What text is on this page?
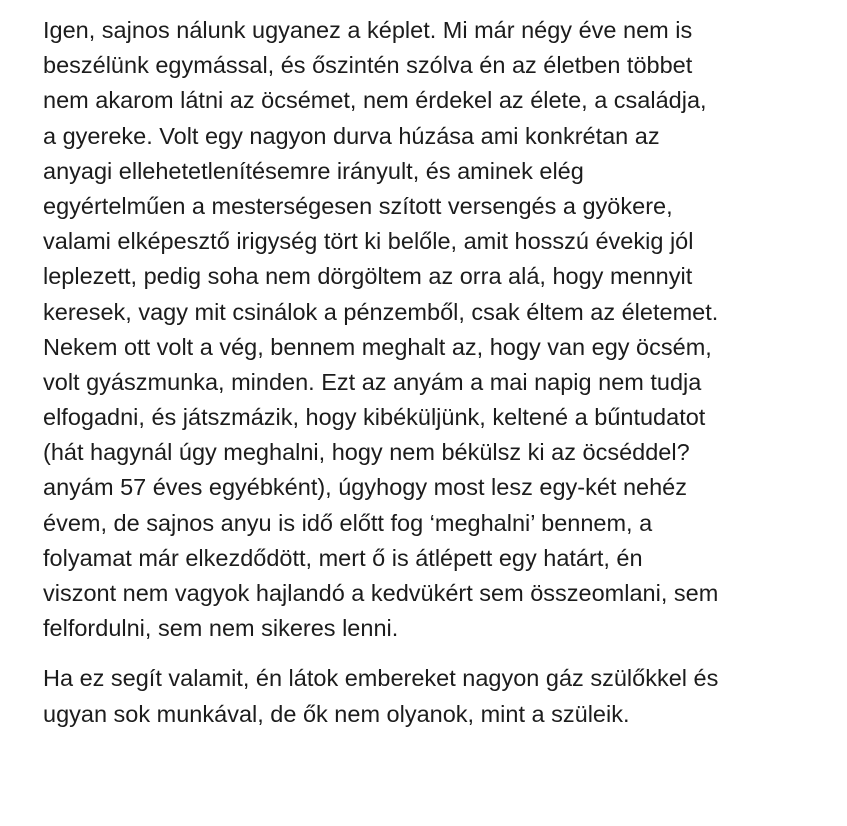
Igen, sajnos nálunk ugyanez a képlet. Mi már négy éve nem is
beszélünk egymással, és őszintén szólva én az életben többet
nem akarom látni az öcsémet, nem érdekel az élete, a családja,
a gyereke. Volt egy nagyon durva húzása ami konkrétan az
anyagi ellehetetlenítésemre irányult, és aminek elég
egyértelműen a mesterségesen szított versengés a gyökere,
valami elképesztő irigység tört ki belőle, amit hosszú évekig jól
leplezett, pedig soha nem dörgöltem az orra alá, hogy mennyit
keresek, vagy mit csinálok a pénzemből, csak éltem az életemet.
Nekem ott volt a vég, bennem meghalt az, hogy van egy öcsém,
volt gyászmunka, minden. Ezt az anyám a mai napig nem tudja
elfogadni, és játszmázik, hogy kibéküljünk, keltené a bűntudatot
(hát hagynál úgy meghalni, hogy nem békülsz ki az öcséddel?
anyám 57 éves egyébként), úgyhogy most lesz egy-két nehéz
évem, de sajnos anyu is idő előtt fog ‘meghalni’ bennem, a
folyamat már elkezdődött, mert ő is átlépett egy határt, én
viszont nem vagyok hajlandó a kedvükért sem összeomlani, sem
felfordulni, sem nem sikeres lenni.

Ha ez segít valamit, én látok embereket nagyon gáz szülőkkel és
ugyan sok munkával, de ők nem olyanok, mint a szüleik.
